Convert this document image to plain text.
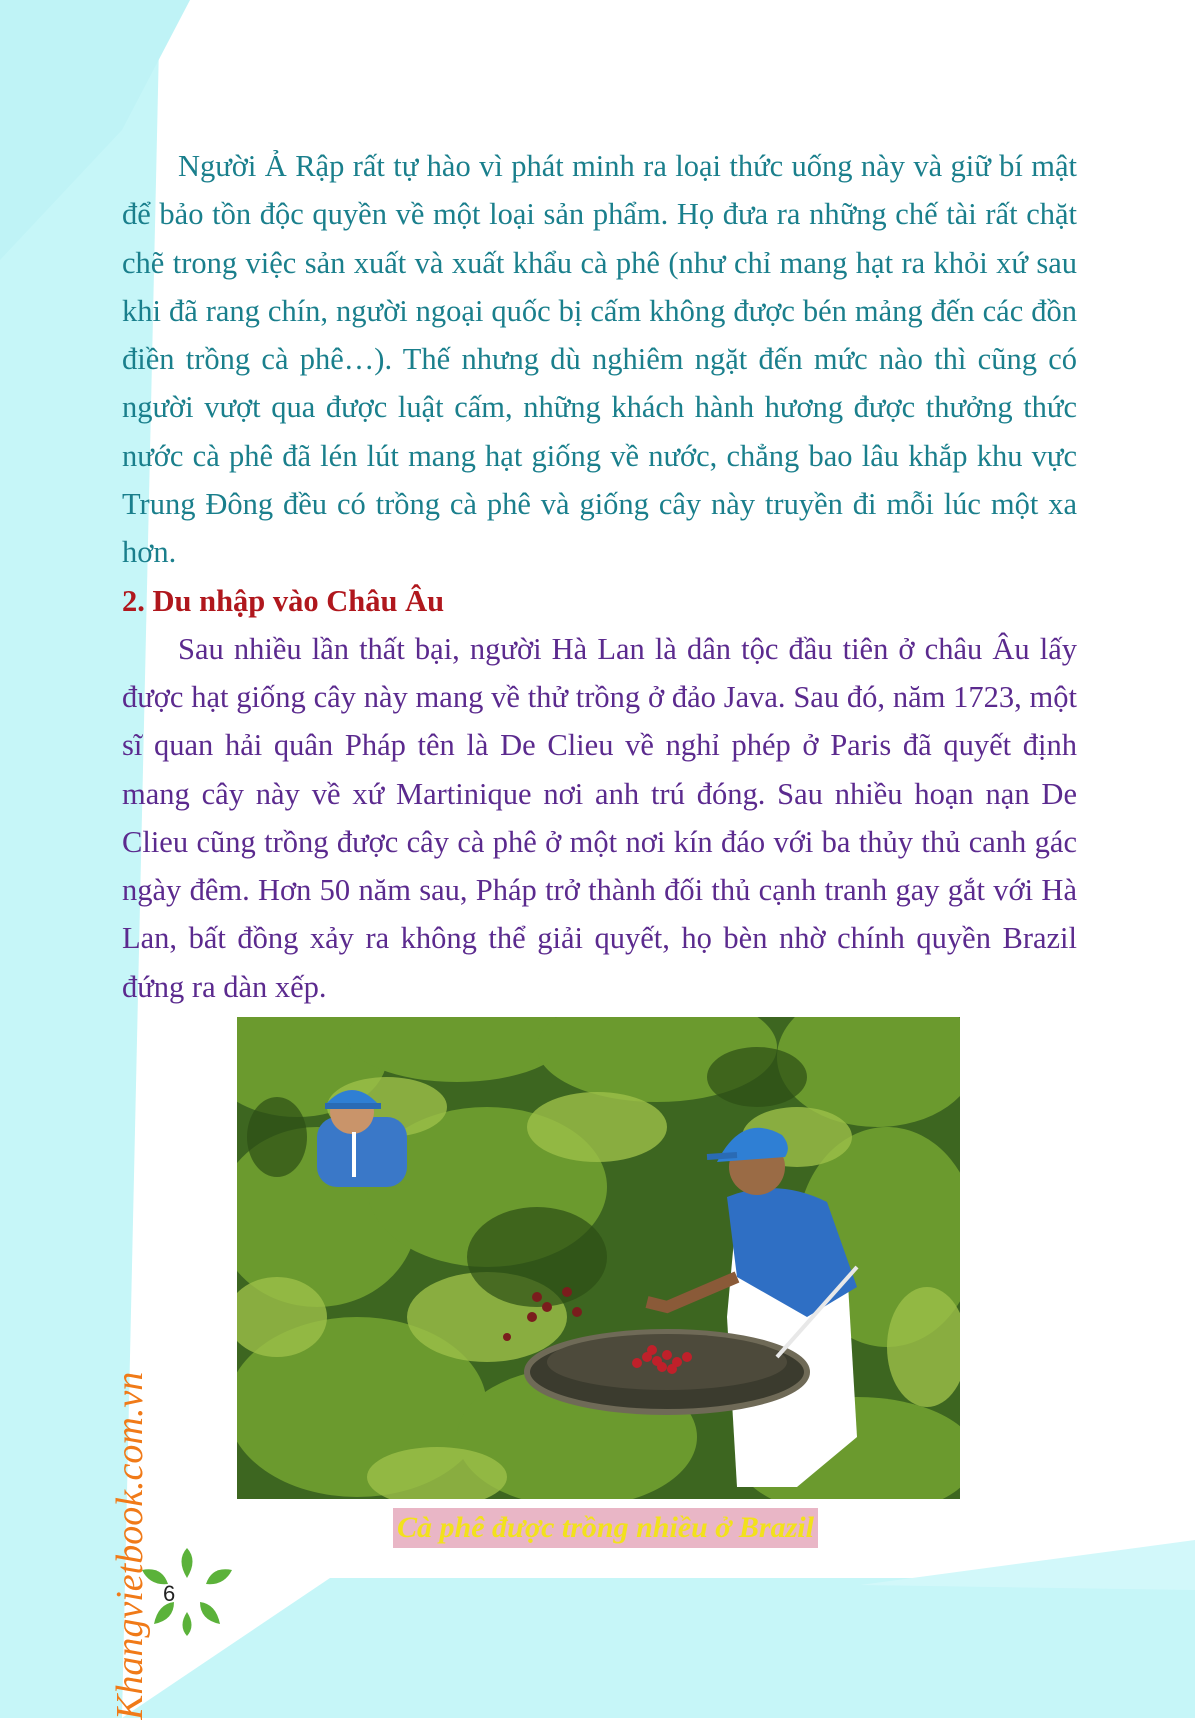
Khangvietbook.com.vn

Người Ả Rập rất tự hào vì phát minh ra loại thức uống này và giữ bí mật để bảo tồn độc quyền về một loại sản phẩm. Họ đưa ra những chế tài rất chặt chẽ trong việc sản xuất và xuất khẩu cà phê (như chỉ mang hạt ra khỏi xứ sau khi đã rang chín, người ngoại quốc bị cấm không được bén mảng đến các đồn điền trồng cà phê…). Thế nhưng dù nghiêm ngặt đến mức nào thì cũng có người vượt qua được luật cấm, những khách hành hương được thưởng thức nước cà phê đã lén lút mang hạt giống về nước, chẳng bao lâu khắp khu vực Trung Đông đều có trồng cà phê và giống cây này truyền đi mỗi lúc một xa hơn.

2. Du nhập vào Châu Âu

Sau nhiều lần thất bại, người Hà Lan là dân tộc đầu tiên ở châu Âu lấy được hạt giống cây này mang về thử trồng ở đảo Java. Sau đó, năm 1723, một sĩ quan hải quân Pháp tên là De Clieu về nghỉ phép ở Paris đã quyết định mang cây này về xứ Martinique nơi anh trú đóng. Sau nhiều hoạn nạn De Clieu cũng trồng được cây cà phê ở một nơi kín đáo với ba thủy thủ canh gác ngày đêm. Hơn 50 năm sau, Pháp trở thành đối thủ cạnh tranh gay gắt với Hà Lan, bất đồng xảy ra không thể giải quyết, họ bèn nhờ chính quyền Brazil đứng ra dàn xếp.

Cà phê được trồng nhiều ở Brazil
6
